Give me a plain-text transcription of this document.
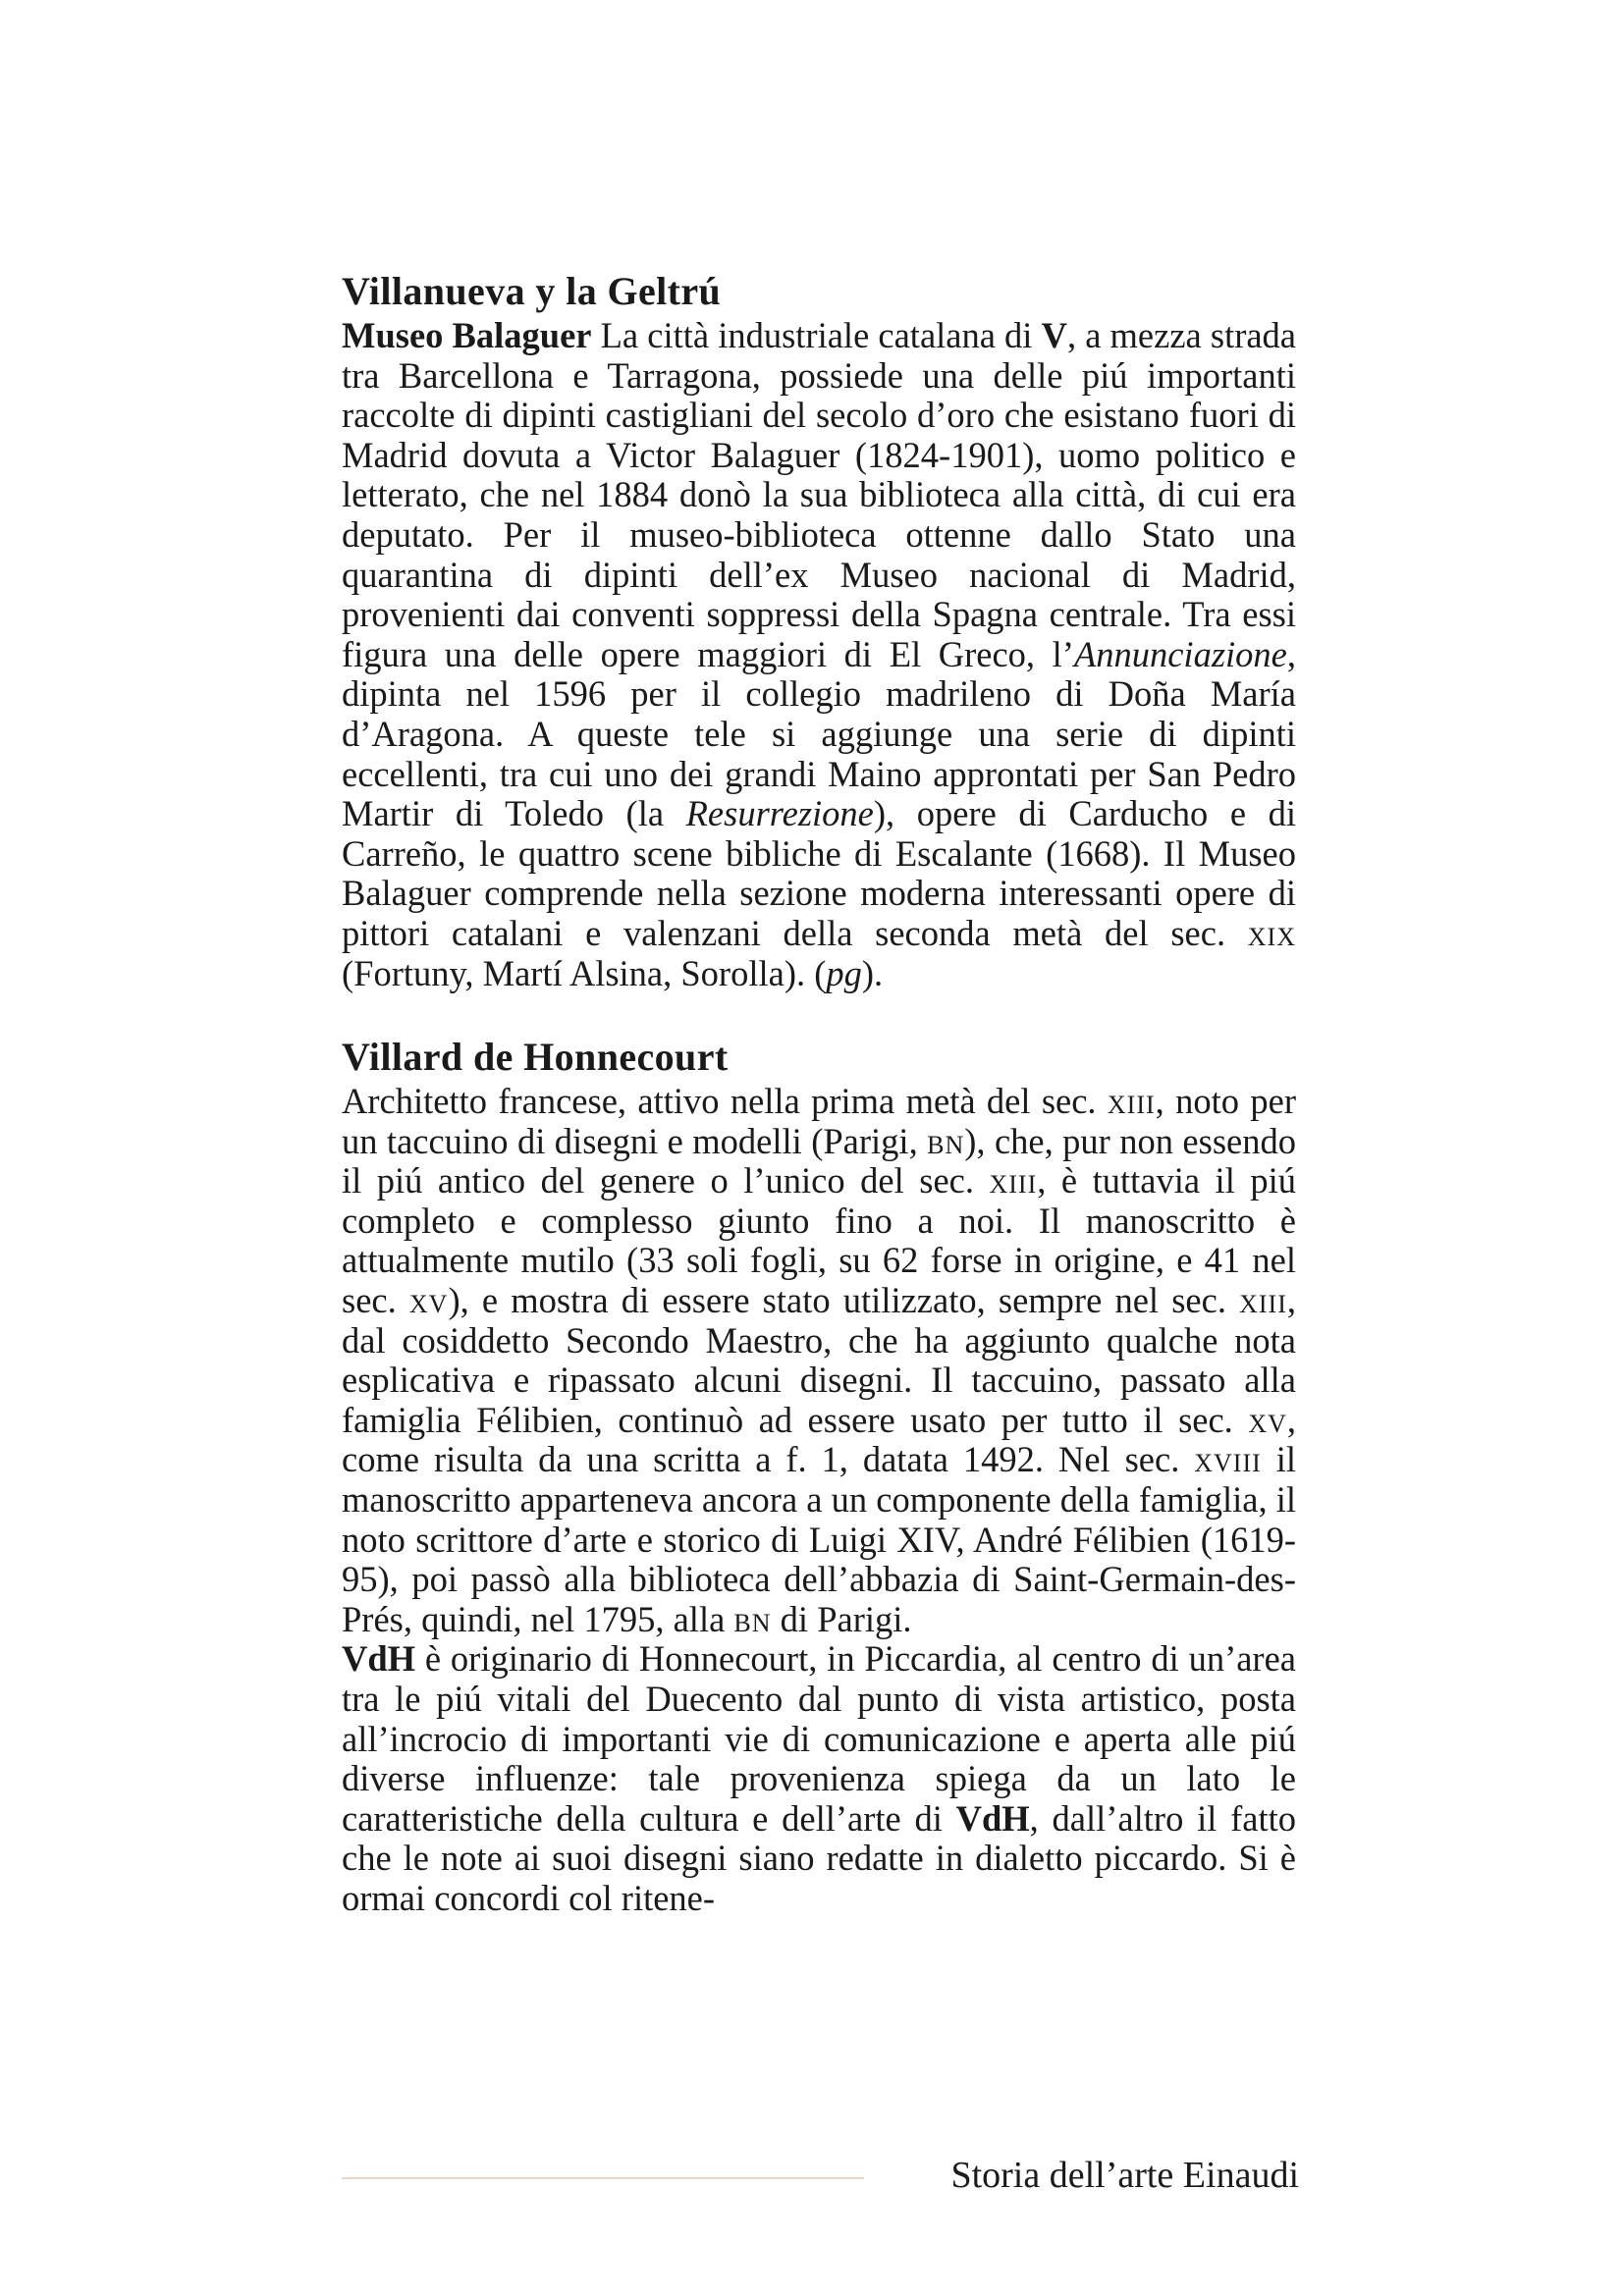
Villanueva y la Geltrú

Museo Balaguer La città industriale catalana di V, a mezza strada tra Barcellona e Tarragona, possiede una delle piú importanti raccolte di dipinti castigliani del secolo d’oro che esistano fuori di Madrid dovuta a Victor Balaguer (1824-1901), uomo politico e letterato, che nel 1884 donò la sua biblioteca alla città, di cui era deputato. Per il museo-biblioteca ottenne dallo Stato una quarantina di dipinti dell’ex Museo nacional di Madrid, provenienti dai conventi soppressi della Spagna centrale. Tra essi figura una delle opere maggiori di El Greco, l’Annunciazione, dipinta nel 1596 per il collegio madrileno di Doña María d’Aragona. A queste tele si aggiunge una serie di dipinti eccellenti, tra cui uno dei grandi Maino approntati per San Pedro Martir di Toledo (la Resurrezione), opere di Carducho e di Carreño, le quattro scene bibliche di Escalante (1668). Il Museo Balaguer comprende nella sezione moderna interessanti opere di pittori catalani e valenzani della seconda metà del sec. xix (Fortuny, Martí Alsina, Sorolla). (pg).

Villard de Honnecourt

Architetto francese, attivo nella prima metà del sec. xiii, noto per un taccuino di disegni e modelli (Parigi, bn), che, pur non essendo il piú antico del genere o l’unico del sec. xiii, è tuttavia il piú completo e complesso giunto fino a noi. Il manoscritto è attualmente mutilo (33 soli fogli, su 62 forse in origine, e 41 nel sec. xv), e mostra di essere stato utilizzato, sempre nel sec. xiii, dal cosiddetto Secondo Maestro, che ha aggiunto qualche nota esplicativa e ripassato alcuni disegni. Il taccuino, passato alla famiglia Félibien, continuò ad essere usato per tutto il sec. xv, come risulta da una scritta a f. 1, datata 1492. Nel sec. xviii il manoscritto apparteneva ancora a un componente della famiglia, il noto scrittore d’arte e storico di Luigi XIV, André Félibien (1619-95), poi passò alla biblioteca dell’abbazia di Saint-Germain-des-Prés, quindi, nel 1795, alla bn di Parigi.

VdH è originario di Honnecourt, in Piccardia, al centro di un’area tra le piú vitali del Duecento dal punto di vista artistico, posta all’incrocio di importanti vie di comunicazione e aperta alle piú diverse influenze: tale provenienza spiega da un lato le caratteristiche della cultura e dell’arte di VdH, dall’altro il fatto che le note ai suoi disegni siano redatte in dialetto piccardo. Si è ormai concordi col ritene-

Storia dell’arte Einaudi
